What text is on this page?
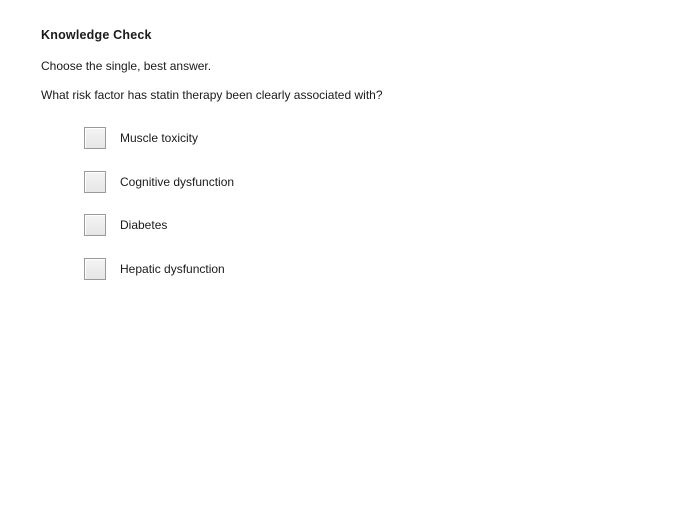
Knowledge Check
Choose the single, best answer.
What risk factor has statin therapy been clearly associated with?
Muscle toxicity
Cognitive dysfunction
Diabetes
Hepatic dysfunction
